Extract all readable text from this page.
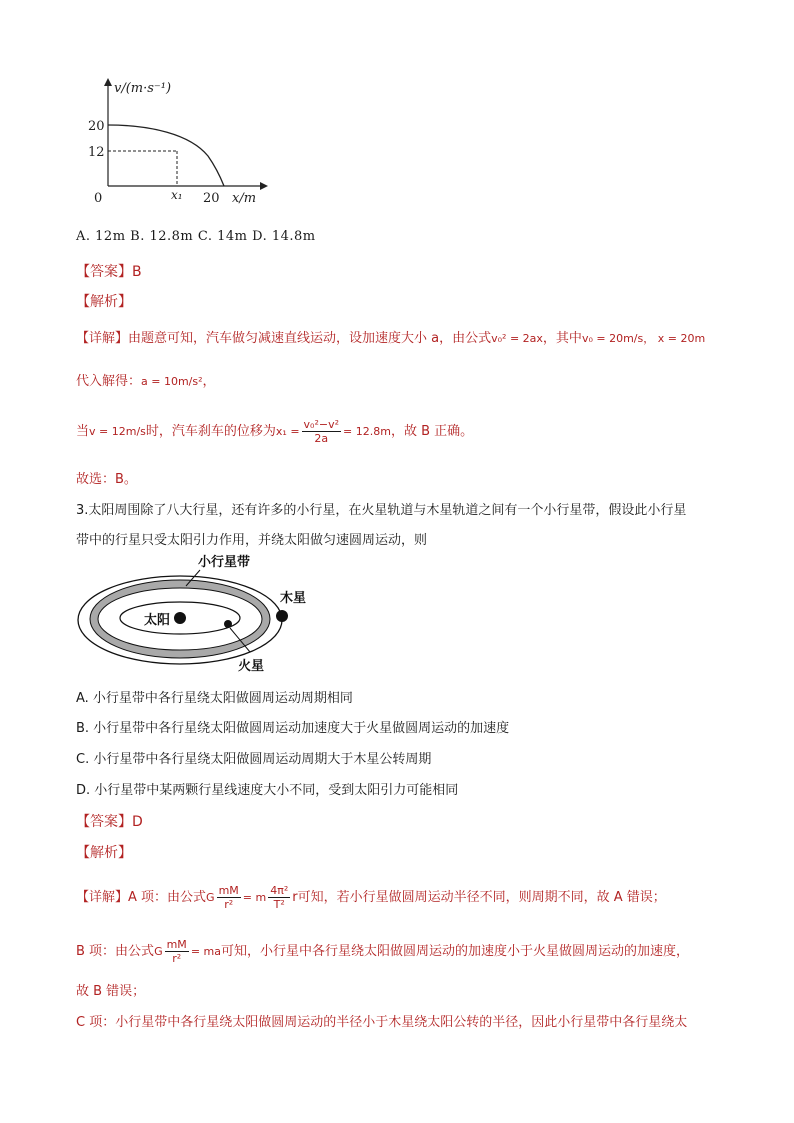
v/(m·s⁻¹)
20
12
0	x₁ 20 x/m
A. 12m B. 12.8m C. 14m D. 14.8m
【答案】B
【解析】
【详解】由题意可知，汽车做匀减速直线运动，设加速度大小 a，由公式v₀² = 2ax，其中v₀ = 20m/s， x = 20m
代入解得：a = 10m/s²，
当v = 12m/s时，汽车刹车的位移为$x_1 = \frac{\text{v₀²−v²}}{2a} = 12.8m$，故 B 正确。
故选：B。
3.太阳周围除了八大行星，还有许多的小行星，在火星轨道与木星轨道之间有一个小行星带，假设此小行星
带中的行星只受太阳引力作用，并绕太阳做匀速圆周运动，则
小行星带
木星
太阳
火星
A. 小行星带中各行星绕太阳做圆周运动周期相同
B. 小行星带中各行星绕太阳做圆周运动加速度大于火星做圆周运动的加速度
C. 小行星带中各行星绕太阳做圆周运动周期大于木星公转周期
D. 小行星带中某两颗行星线速度大小不同，受到太阳引力可能相同
【答案】D
【解析】
【详解】A 项：由公式G $\frac{mM}{\text{r²}} = m \frac{\text{4π²}}{\text{T²}}$ r可知，若小行星做圆周运动半径不同，则周期不同，故 A 错误；
B 项：由公式G $\frac{mM}{\text{r²}}$ = ma可知，小行星中各行星绕太阳做圆周运动的加速度小于火星做圆周运动的加速度，
故 B 错误；
C 项：小行星带中各行星绕太阳做圆周运动的半径小于木星绕太阳公转的半径，因此小行星带中各行星绕太
